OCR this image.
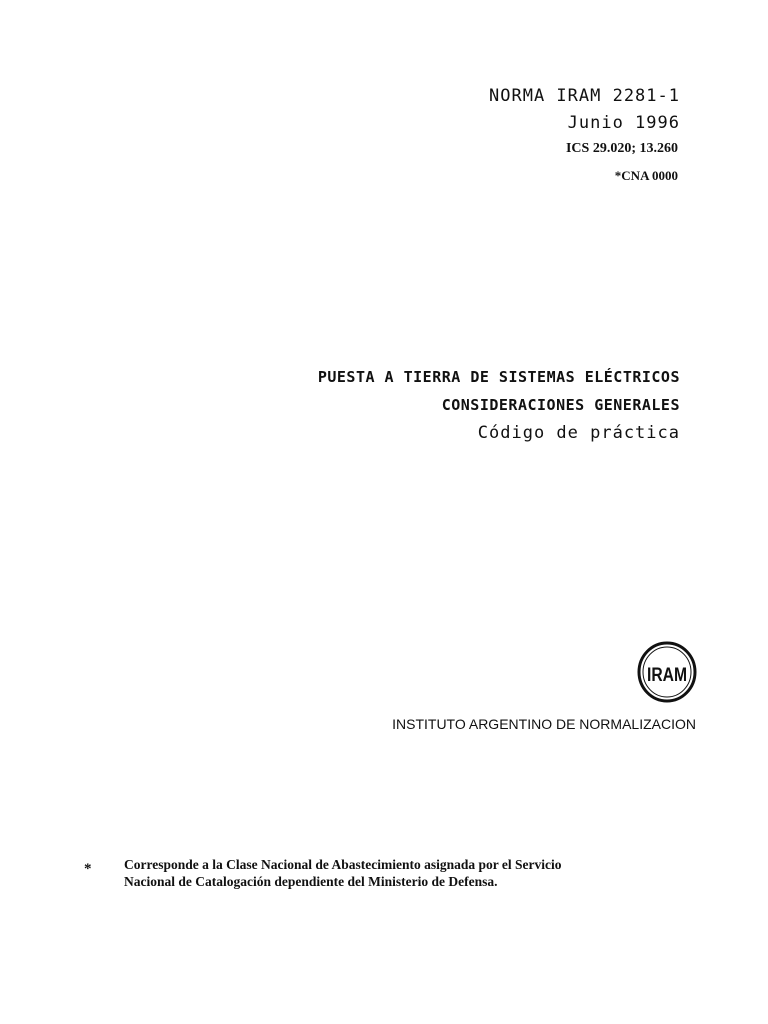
NORMA IRAM 2281-1
Junio 1996
ICS 29.020; 13.260
*CNA 0000
PUESTA A TIERRA DE SISTEMAS ELÉCTRICOS
CONSIDERACIONES GENERALES
Código de práctica
IRAM
INSTITUTO ARGENTINO DE NORMALIZACION
* Corresponde a la Clase Nacional de Abastecimiento asignada por el Servicio
Nacional de Catalogación dependiente del Ministerio de Defensa.
